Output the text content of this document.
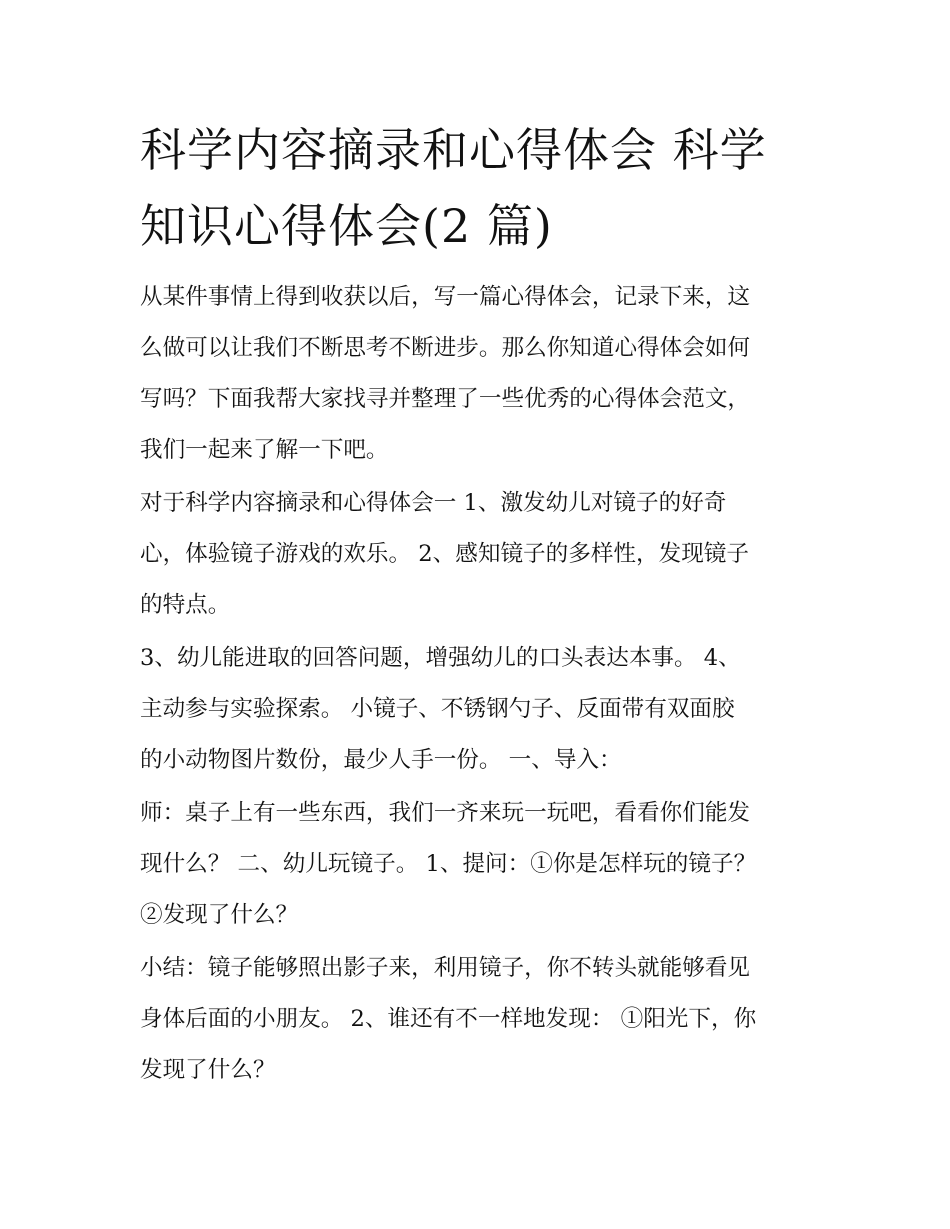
科学内容摘录和心得体会 科学
知识心得体会(2 篇)

从某件事情上得到收获以后，写一篇心得体会，记录下来，这
么做可以让我们不断思考不断进步。那么你知道心得体会如何
写吗？下面我帮大家找寻并整理了一些优秀的心得体会范文，
我们一起来了解一下吧。

对于科学内容摘录和心得体会一 1、激发幼儿对镜子的好奇
心，体验镜子游戏的欢乐。 2、感知镜子的多样性，发现镜子
的特点。

3、幼儿能进取的回答问题，增强幼儿的口头表达本事。 4、
主动参与实验探索。 小镜子、不锈钢勺子、反面带有双面胶
的小动物图片数份，最少人手一份。 一、导入：

师：桌子上有一些东西，我们一齐来玩一玩吧，看看你们能发
现什么？ 二、幼儿玩镜子。 1、提问：①你是怎样玩的镜子？
②发现了什么？

小结：镜子能够照出影子来，利用镜子，你不转头就能够看见
身体后面的小朋友。 2、谁还有不一样地发现： ①阳光下，你
发现了什么？
